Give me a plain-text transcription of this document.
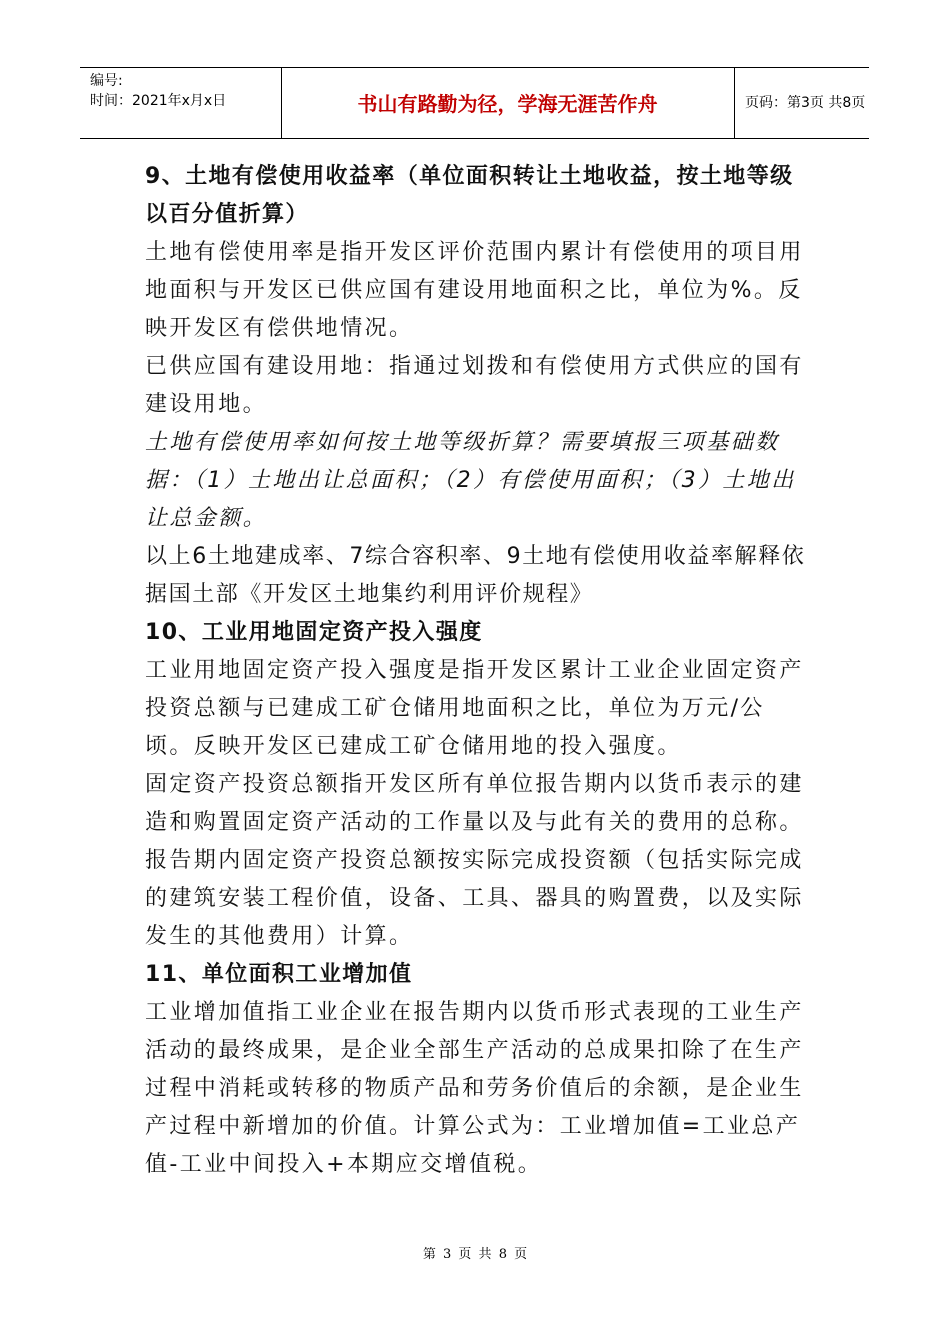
编号:
时间：2021年x月x日	书山有路勤为径，学海无涯苦作舟	页码：第3页 共8页

9、土地有偿使用收益率（单位面积转让土地收益，按土地等级以百分值折算）

土地有偿使用率是指开发区评价范围内累计有偿使用的项目用地面积与开发区已供应国有建设用地面积之比，单位为%。反映开发区有偿供地情况。

已供应国有建设用地：指通过划拨和有偿使用方式供应的国有建设用地。

土地有偿使用率如何按土地等级折算？需要填报三项基础数据：（1）土地出让总面积；（2）有偿使用面积；（3）土地出让总金额。

以上6土地建成率、7综合容积率、9土地有偿使用收益率解释依据国土部《开发区土地集约利用评价规程》

10、工业用地固定资产投入强度

工业用地固定资产投入强度是指开发区累计工业企业固定资产投资总额与已建成工矿仓储用地面积之比，单位为万元/公顷。反映开发区已建成工矿仓储用地的投入强度。

固定资产投资总额指开发区所有单位报告期内以货币表示的建造和购置固定资产活动的工作量以及与此有关的费用的总称。报告期内固定资产投资总额按实际完成投资额（包括实际完成的建筑安装工程价值，设备、工具、器具的购置费，以及实际发生的其他费用）计算。

11、单位面积工业增加值

工业增加值指工业企业在报告期内以货币形式表现的工业生产活动的最终成果，是企业全部生产活动的总成果扣除了在生产过程中消耗或转移的物质产品和劳务价值后的余额，是企业生产过程中新增加的价值。计算公式为：工业增加值=工业总产值-工业中间投入+本期应交增值税。

第 3 页 共 8 页
